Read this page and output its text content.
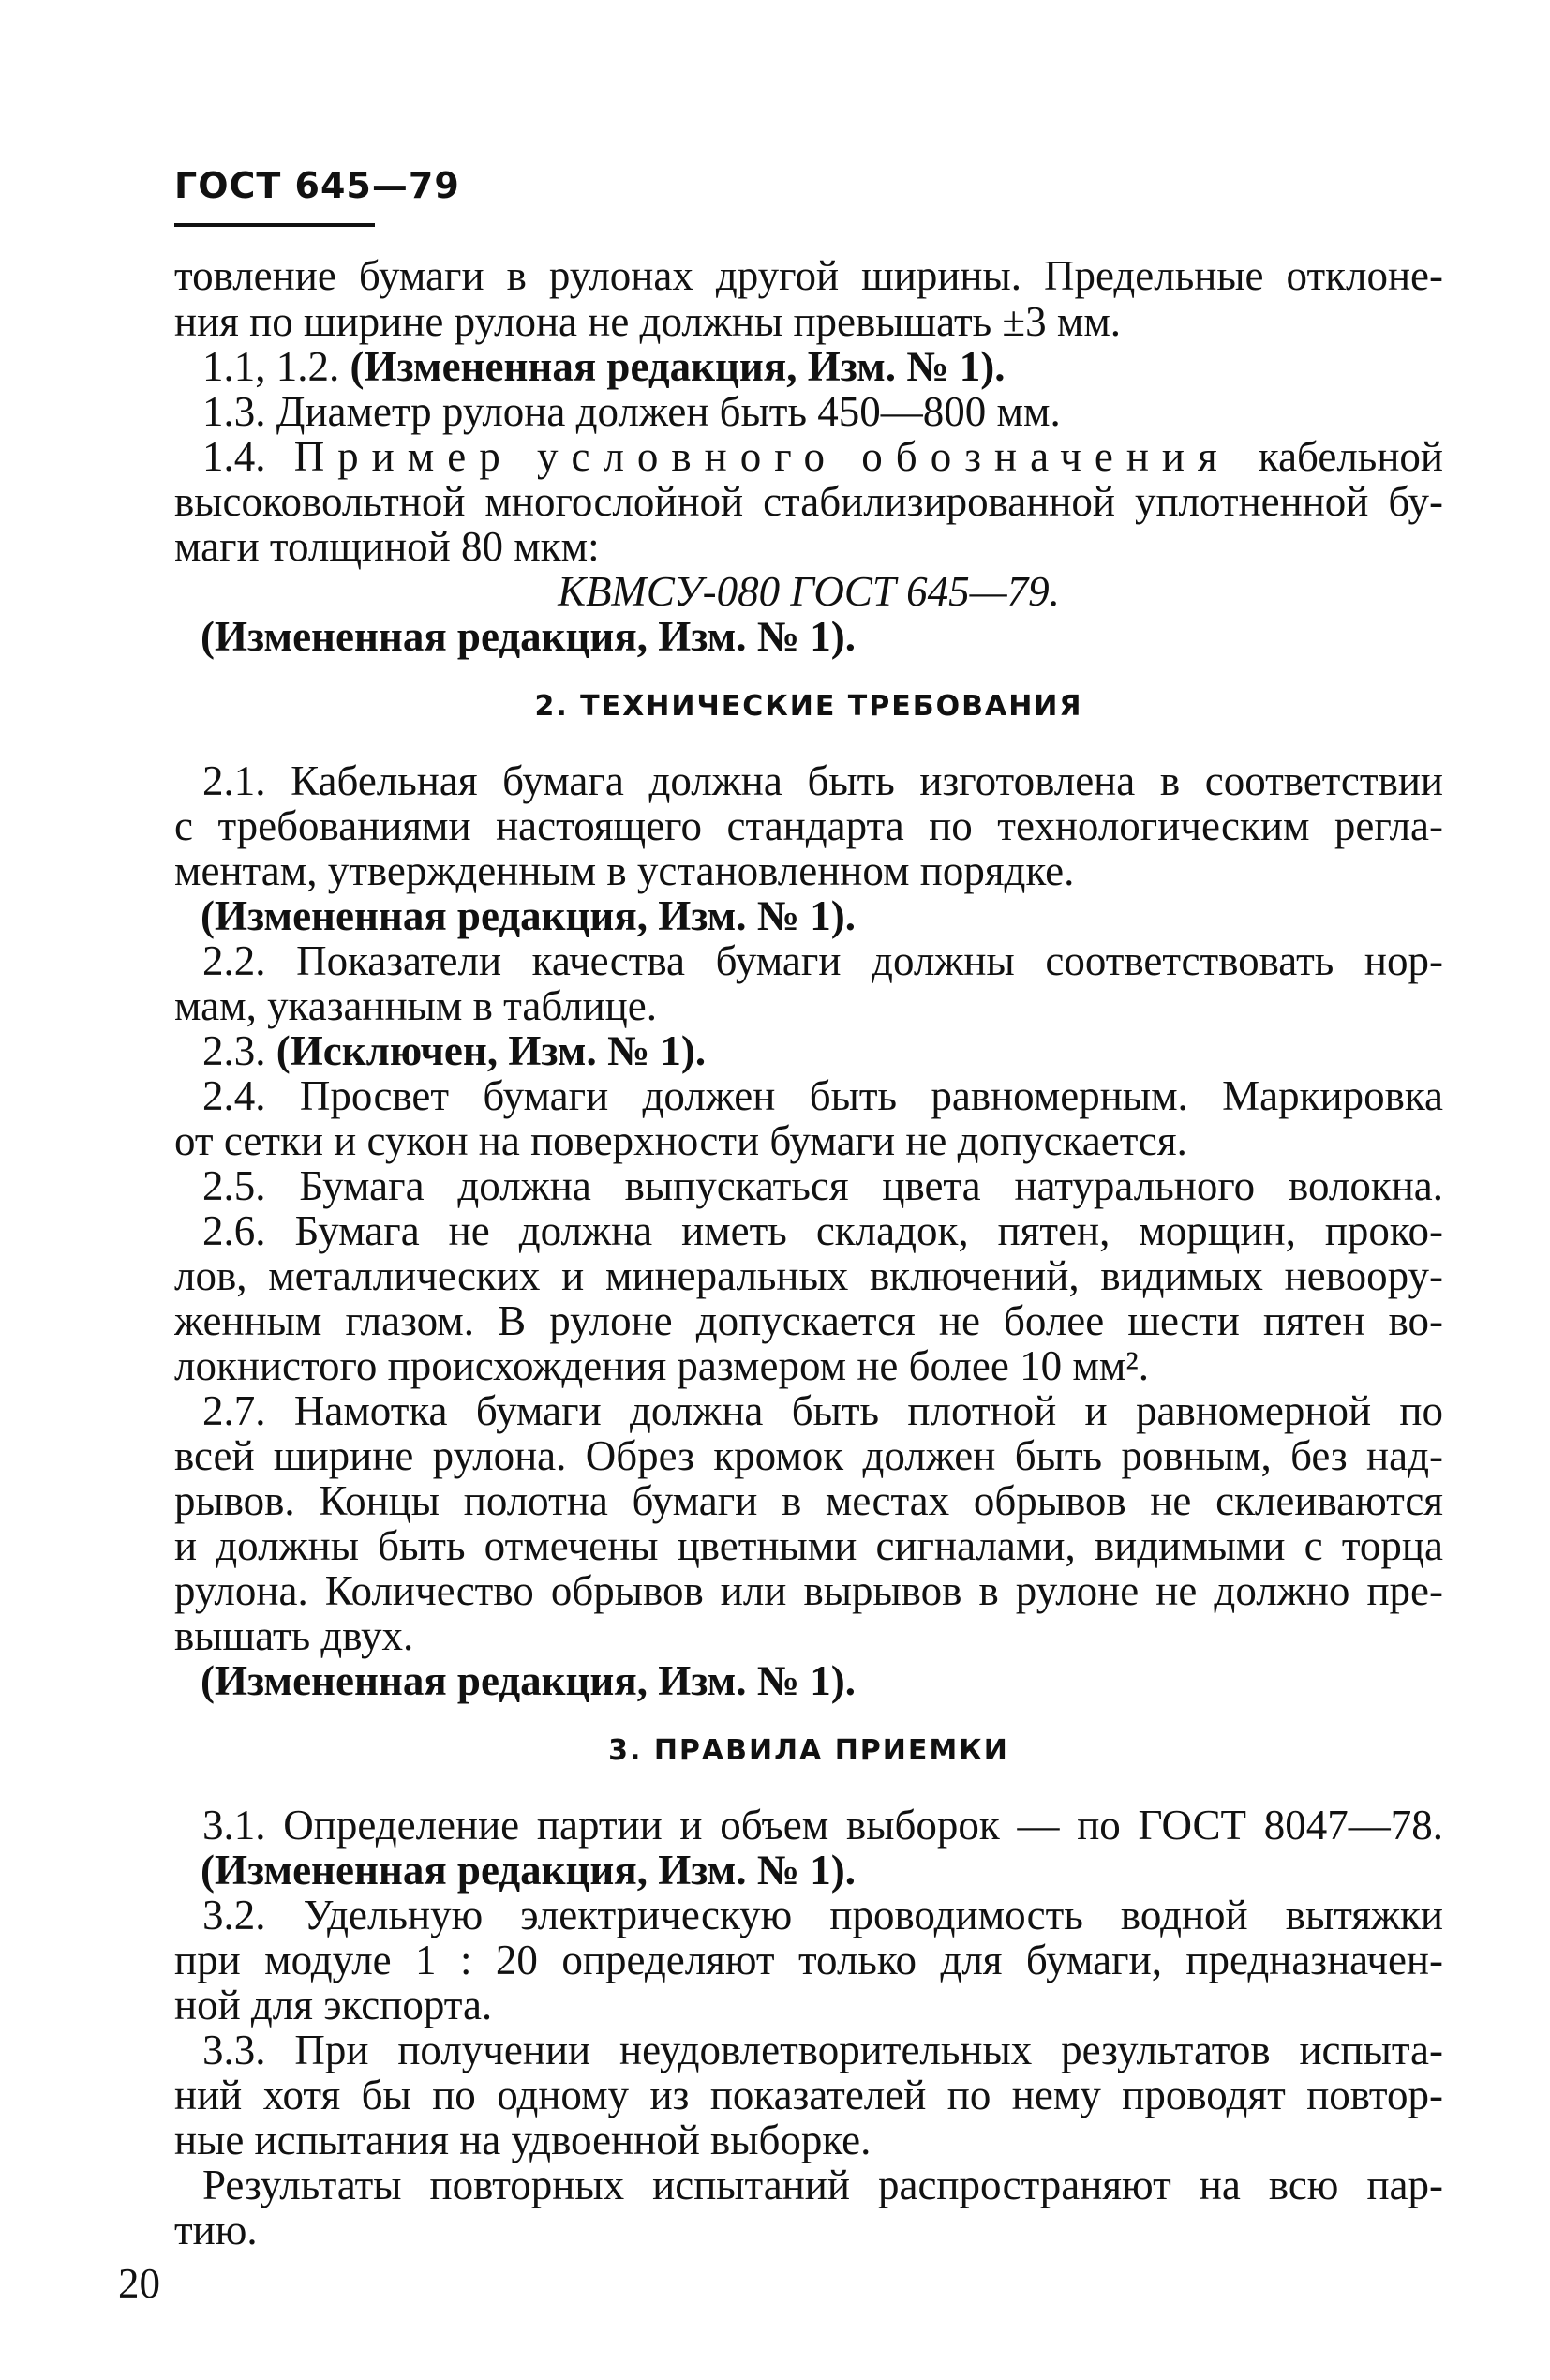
ГОСТ 645—79
товление бумаги в рулонах другой ширины. Предельные отклоне-
ния по ширине рулона не должны превышать ±3 мм.
1.1, 1.2. (Измененная редакция, Изм. № 1).
1.3. Диаметр рулона должен быть 450—800 мм.
1.4. Пример условного обозначения кабельной
высоковольтной многослойной стабилизированной уплотненной бу-
маги толщиной 80 мкм:
КВМСУ-080 ГОСТ 645—79.
(Измененная редакция, Изм. № 1).
2. ТЕХНИЧЕСКИЕ ТРЕБОВАНИЯ
2.1. Кабельная бумага должна быть изготовлена в соответствии
с требованиями настоящего стандарта по технологическим регла-
ментам, утвержденным в установленном порядке.
(Измененная редакция, Изм. № 1).
2.2. Показатели качества бумаги должны соответствовать нор-
мам, указанным в таблице.
2.3. (Исключен, Изм. № 1).
2.4. Просвет бумаги должен быть равномерным. Маркировка
от сетки и сукон на поверхности бумаги не допускается.
2.5. Бумага должна выпускаться цвета натурального волокна.
2.6. Бумага не должна иметь складок, пятен, морщин, проко-
лов, металлических и минеральных включений, видимых невоору-
женным глазом. В рулоне допускается не более шести пятен во-
локнистого происхождения размером не более 10 мм².
2.7. Намотка бумаги должна быть плотной и равномерной по
всей ширине рулона. Обрез кромок должен быть ровным, без над-
рывов. Концы полотна бумаги в местах обрывов не склеиваются
и должны быть отмечены цветными сигналами, видимыми с торца
рулона. Количество обрывов или вырывов в рулоне не должно пре-
вышать двух.
(Измененная редакция, Изм. № 1).
3. ПРАВИЛА ПРИЕМКИ
3.1. Определение партии и объем выборок — по ГОСТ 8047—78.
(Измененная редакция, Изм. № 1).
3.2. Удельную электрическую проводимость водной вытяжки
при модуле 1 : 20 определяют только для бумаги, предназначен-
ной для экспорта.
3.3. При получении неудовлетворительных результатов испыта-
ний хотя бы по одному из показателей по нему проводят повтор-
ные испытания на удвоенной выборке.
Результаты повторных испытаний распространяют на всю пар-
тию.
20
